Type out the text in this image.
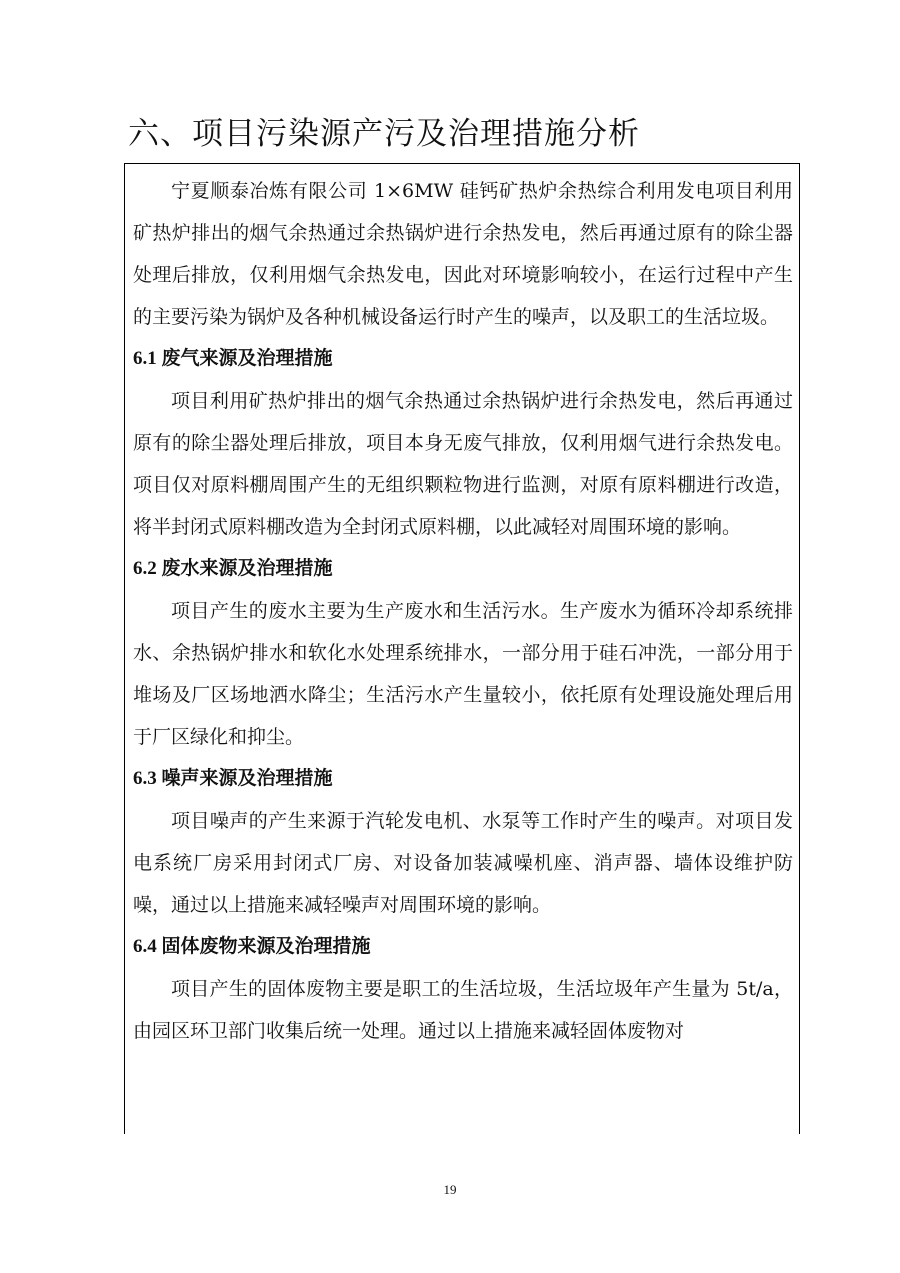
六、项目污染源产污及治理措施分析

宁夏顺泰冶炼有限公司 1×6MW 硅钙矿热炉余热综合利用发电项目利用矿热炉排出的烟气余热通过余热锅炉进行余热发电，然后再通过原有的除尘器处理后排放，仅利用烟气余热发电，因此对环境影响较小，在运行过程中产生的主要污染为锅炉及各种机械设备运行时产生的噪声，以及职工的生活垃圾。

6.1 废气来源及治理措施

项目利用矿热炉排出的烟气余热通过余热锅炉进行余热发电，然后再通过原有的除尘器处理后排放，项目本身无废气排放，仅利用烟气进行余热发电。项目仅对原料棚周围产生的无组织颗粒物进行监测，对原有原料棚进行改造，将半封闭式原料棚改造为全封闭式原料棚，以此减轻对周围环境的影响。

6.2 废水来源及治理措施

项目产生的废水主要为生产废水和生活污水。生产废水为循环冷却系统排水、余热锅炉排水和软化水处理系统排水，一部分用于硅石冲洗，一部分用于堆场及厂区场地洒水降尘；生活污水产生量较小，依托原有处理设施处理后用于厂区绿化和抑尘。

6.3 噪声来源及治理措施

项目噪声的产生来源于汽轮发电机、水泵等工作时产生的噪声。对项目发电系统厂房采用封闭式厂房、对设备加装减噪机座、消声器、墙体设维护防噪，通过以上措施来减轻噪声对周围环境的影响。

6.4 固体废物来源及治理措施

项目产生的固体废物主要是职工的生活垃圾，生活垃圾年产生量为 5t/a，由园区环卫部门收集后统一处理。通过以上措施来减轻固体废物对

19
